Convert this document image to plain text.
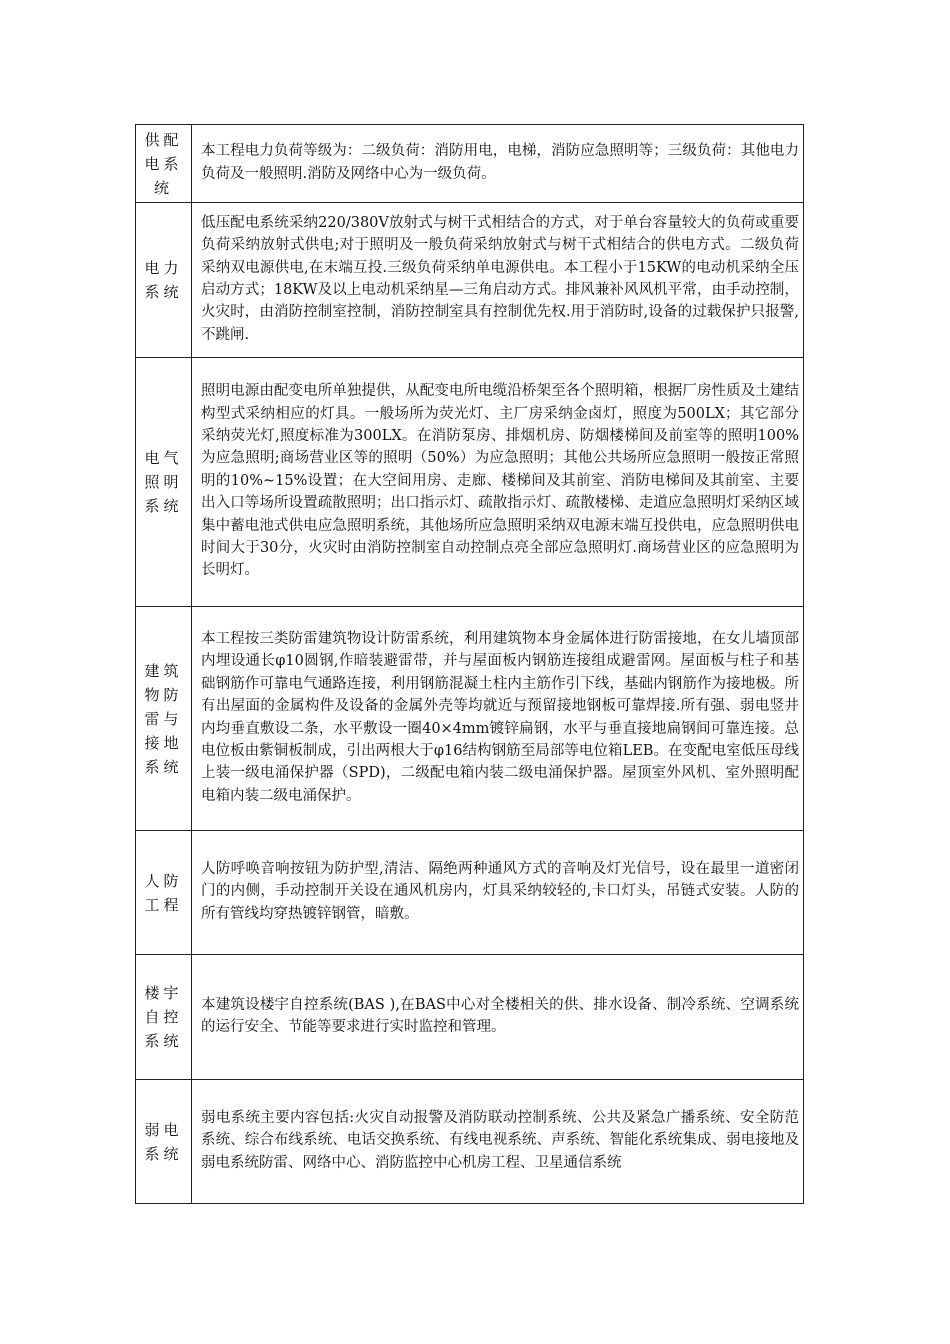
供配电系统	本工程电力负荷等级为：二级负荷：消防用电，电梯，消防应急照明等；三级负荷：其他电力负荷及一般照明.消防及网络中心为一级负荷。

电力系统	低压配电系统采纳220/380V放射式与树干式相结合的方式，对于单台容量较大的负荷或重要负荷采纳放射式供电;对于照明及一般负荷采纳放射式与树干式相结合的供电方式。二级负荷采纳双电源供电,在末端互投.三级负荷采纳单电源供电。本工程小于15KW的电动机采纳全压启动方式；18KW及以上电动机采纳星—三角启动方式。排风兼补风风机平常，由手动控制，火灾时，由消防控制室控制，消防控制室具有控制优先权.用于消防时,设备的过载保护只报警,不跳闸.

电气照明系统	照明电源由配变电所单独提供，从配变电所电缆沿桥架至各个照明箱，根据厂房性质及土建结构型式采纳相应的灯具。一般场所为荧光灯、主厂房采纳金卤灯，照度为500LX；其它部分采纳荧光灯,照度标准为300LX。在消防泵房、排烟机房、防烟楼梯间及前室等的照明100%为应急照明;商场营业区等的照明（50%）为应急照明；其他公共场所应急照明一般按正常照明的10%~15%设置；在大空间用房、走廊、楼梯间及其前室、消防电梯间及其前室、主要出入口等场所设置疏散照明；出口指示灯、疏散指示灯、疏散楼梯、走道应急照明灯采纳区域集中蓄电池式供电应急照明系统，其他场所应急照明采纳双电源末端互投供电，应急照明供电时间大于30分，火灾时由消防控制室自动控制点亮全部应急照明灯.商场营业区的应急照明为长明灯。

建筑物防雷与接地系统	本工程按三类防雷建筑物设计防雷系统，利用建筑物本身金属体进行防雷接地，在女儿墙顶部内埋设通长φ10圆钢,作暗装避雷带，并与屋面板内钢筋连接组成避雷网。屋面板与柱子和基础钢筋作可靠电气通路连接，利用钢筋混凝土柱内主筋作引下线，基础内钢筋作为接地极。所有出屋面的金属构件及设备的金属外壳等均就近与预留接地钢板可靠焊接.所有强、弱电竖井内均垂直敷设二条，水平敷设一圈40×4mm镀锌扁钢，水平与垂直接地扁钢间可靠连接。总电位板由紫铜板制成，引出两根大于φ16结构钢筋至局部等电位箱LEB。在变配电室低压母线上装一级电涌保护器（SPD)，二级配电箱内装二级电涌保护器。屋顶室外风机、室外照明配电箱内装二级电涌保护。

人防工程	人防呼唤音响按钮为防护型,清洁、隔绝两种通风方式的音响及灯光信号，设在最里一道密闭门的内侧，手动控制开关设在通风机房内，灯具采纳较轻的,卡口灯头，吊链式安装。人防的所有管线均穿热镀锌钢管，暗敷。

楼宇自控系统	本建筑设楼宇自控系统(BAS ),在BAS中心对全楼相关的供、排水设备、制冷系统、空调系统的运行安全、节能等要求进行实时监控和管理。

弱电系统	弱电系统主要内容包括:火灾自动报警及消防联动控制系统、公共及紧急广播系统、安全防范系统、综合布线系统、电话交换系统、有线电视系统、声系统、智能化系统集成、弱电接地及弱电系统防雷、网络中心、消防监控中心机房工程、卫星通信系统
